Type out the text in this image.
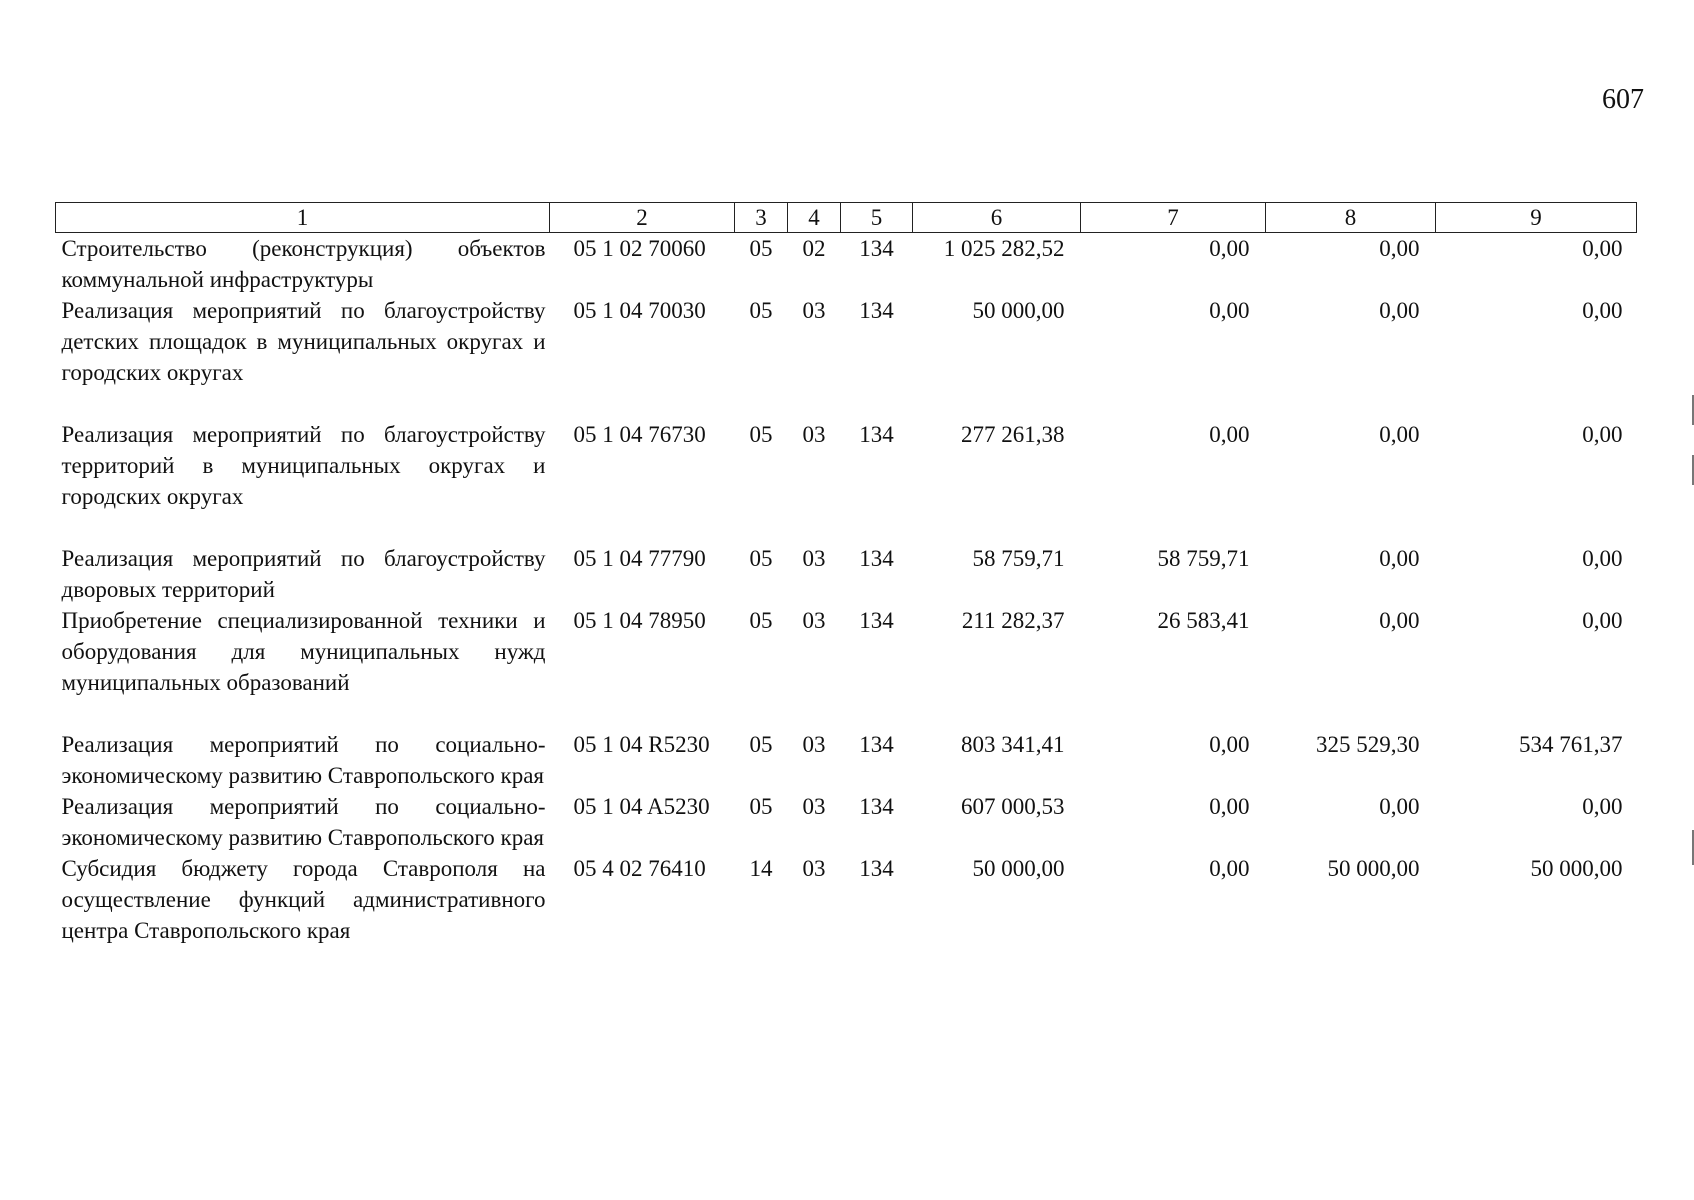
607
1	2	3	4	5	6	7	8	9
Строительство (реконструкция) объектов коммунальной инфраструктуры	05 1 02 70060	05	02	134	1 025 282,52	0,00	0,00	0,00
Реализация мероприятий по благоустройству детских площадок в муниципальных округах и городских округах	05 1 04 70030	05	03	134	50 000,00	0,00	0,00	0,00

Реализация мероприятий по благоустройству территорий в муниципальных округах и городских округах	05 1 04 76730	05	03	134	277 261,38	0,00	0,00	0,00

Реализация мероприятий по благоустройству дворовых территорий	05 1 04 77790	05	03	134	58 759,71	58 759,71	0,00	0,00
Приобретение специализированной техники и оборудования для муниципальных нужд муниципальных образований	05 1 04 78950	05	03	134	211 282,37	26 583,41	0,00	0,00

Реализация мероприятий по социально-экономическому развитию Ставропольского края	05 1 04 R5230	05	03	134	803 341,41	0,00	325 529,30	534 761,37
Реализация мероприятий по социально-экономическому развитию Ставропольского края	05 1 04 A5230	05	03	134	607 000,53	0,00	0,00	0,00
Субсидия бюджету города Ставрополя на осуществление функций административного центра Ставропольского края	05 4 02 76410	14	03	134	50 000,00	0,00	50 000,00	50 000,00
